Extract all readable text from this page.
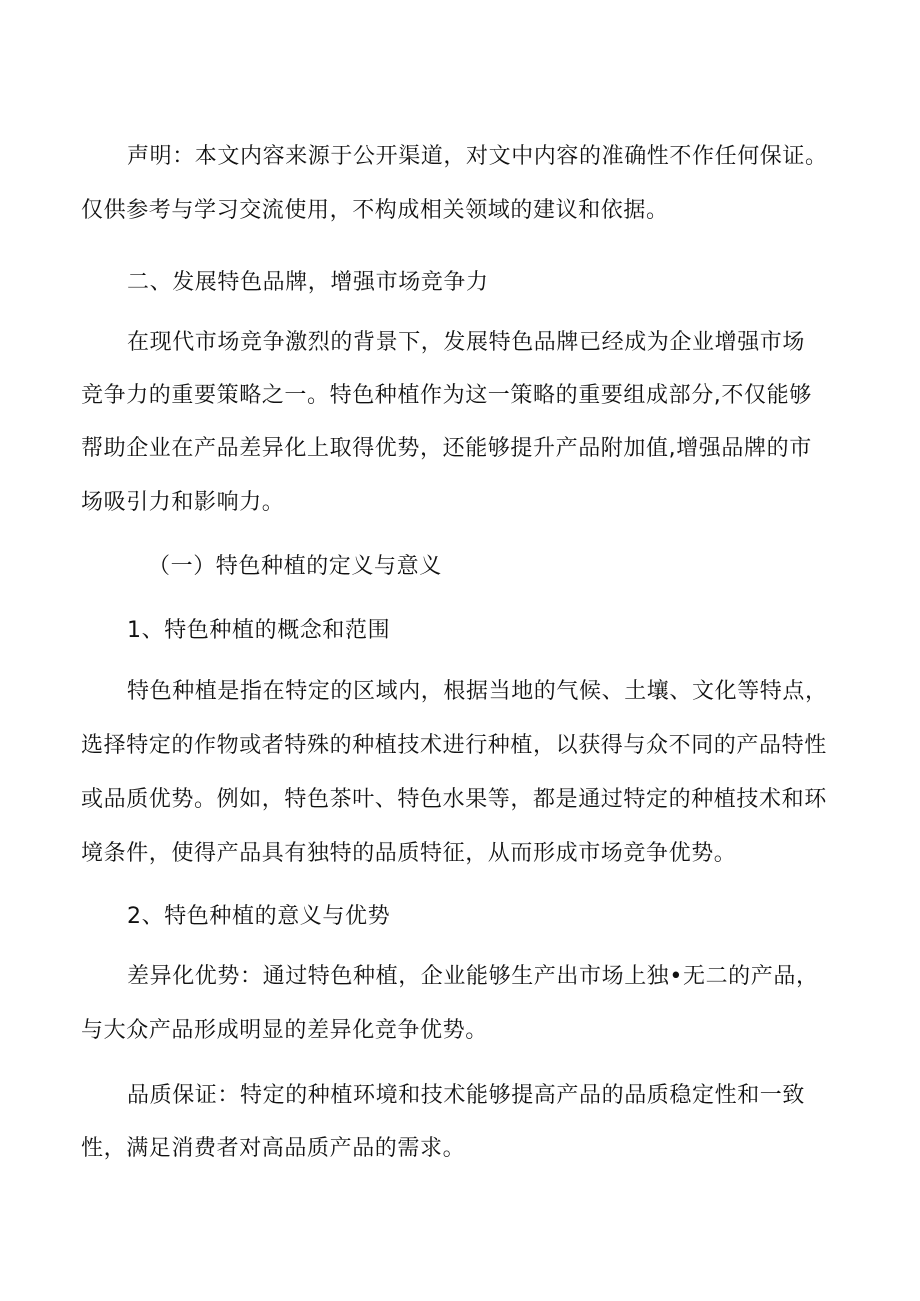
声明：本文内容来源于公开渠道，对文中内容的准确性不作任何保证。

仅供参考与学习交流使用，不构成相关领域的建议和依据。

二、发展特色品牌，增强市场竞争力

在现代市场竞争激烈的背景下，发展特色品牌已经成为企业增强市场

竞争力的重要策略之一。特色种植作为这一策略的重要组成部分,不仅能够

帮助企业在产品差异化上取得优势，还能够提升产品附加值,增强品牌的市

场吸引力和影响力。

（一）特色种植的定义与意义

1、特色种植的概念和范围

特色种植是指在特定的区域内，根据当地的气候、土壤、文化等特点，

选择特定的作物或者特殊的种植技术进行种植，以获得与众不同的产品特性

或品质优势。例如，特色茶叶、特色水果等，都是通过特定的种植技术和环

境条件，使得产品具有独特的品质特征，从而形成市场竞争优势。

2、特色种植的意义与优势

差异化优势：通过特色种植，企业能够生产出市场上独•无二的产品，

与大众产品形成明显的差异化竞争优势。

品质保证：特定的种植环境和技术能够提高产品的品质稳定性和一致

性，满足消费者对高品质产品的需求。
